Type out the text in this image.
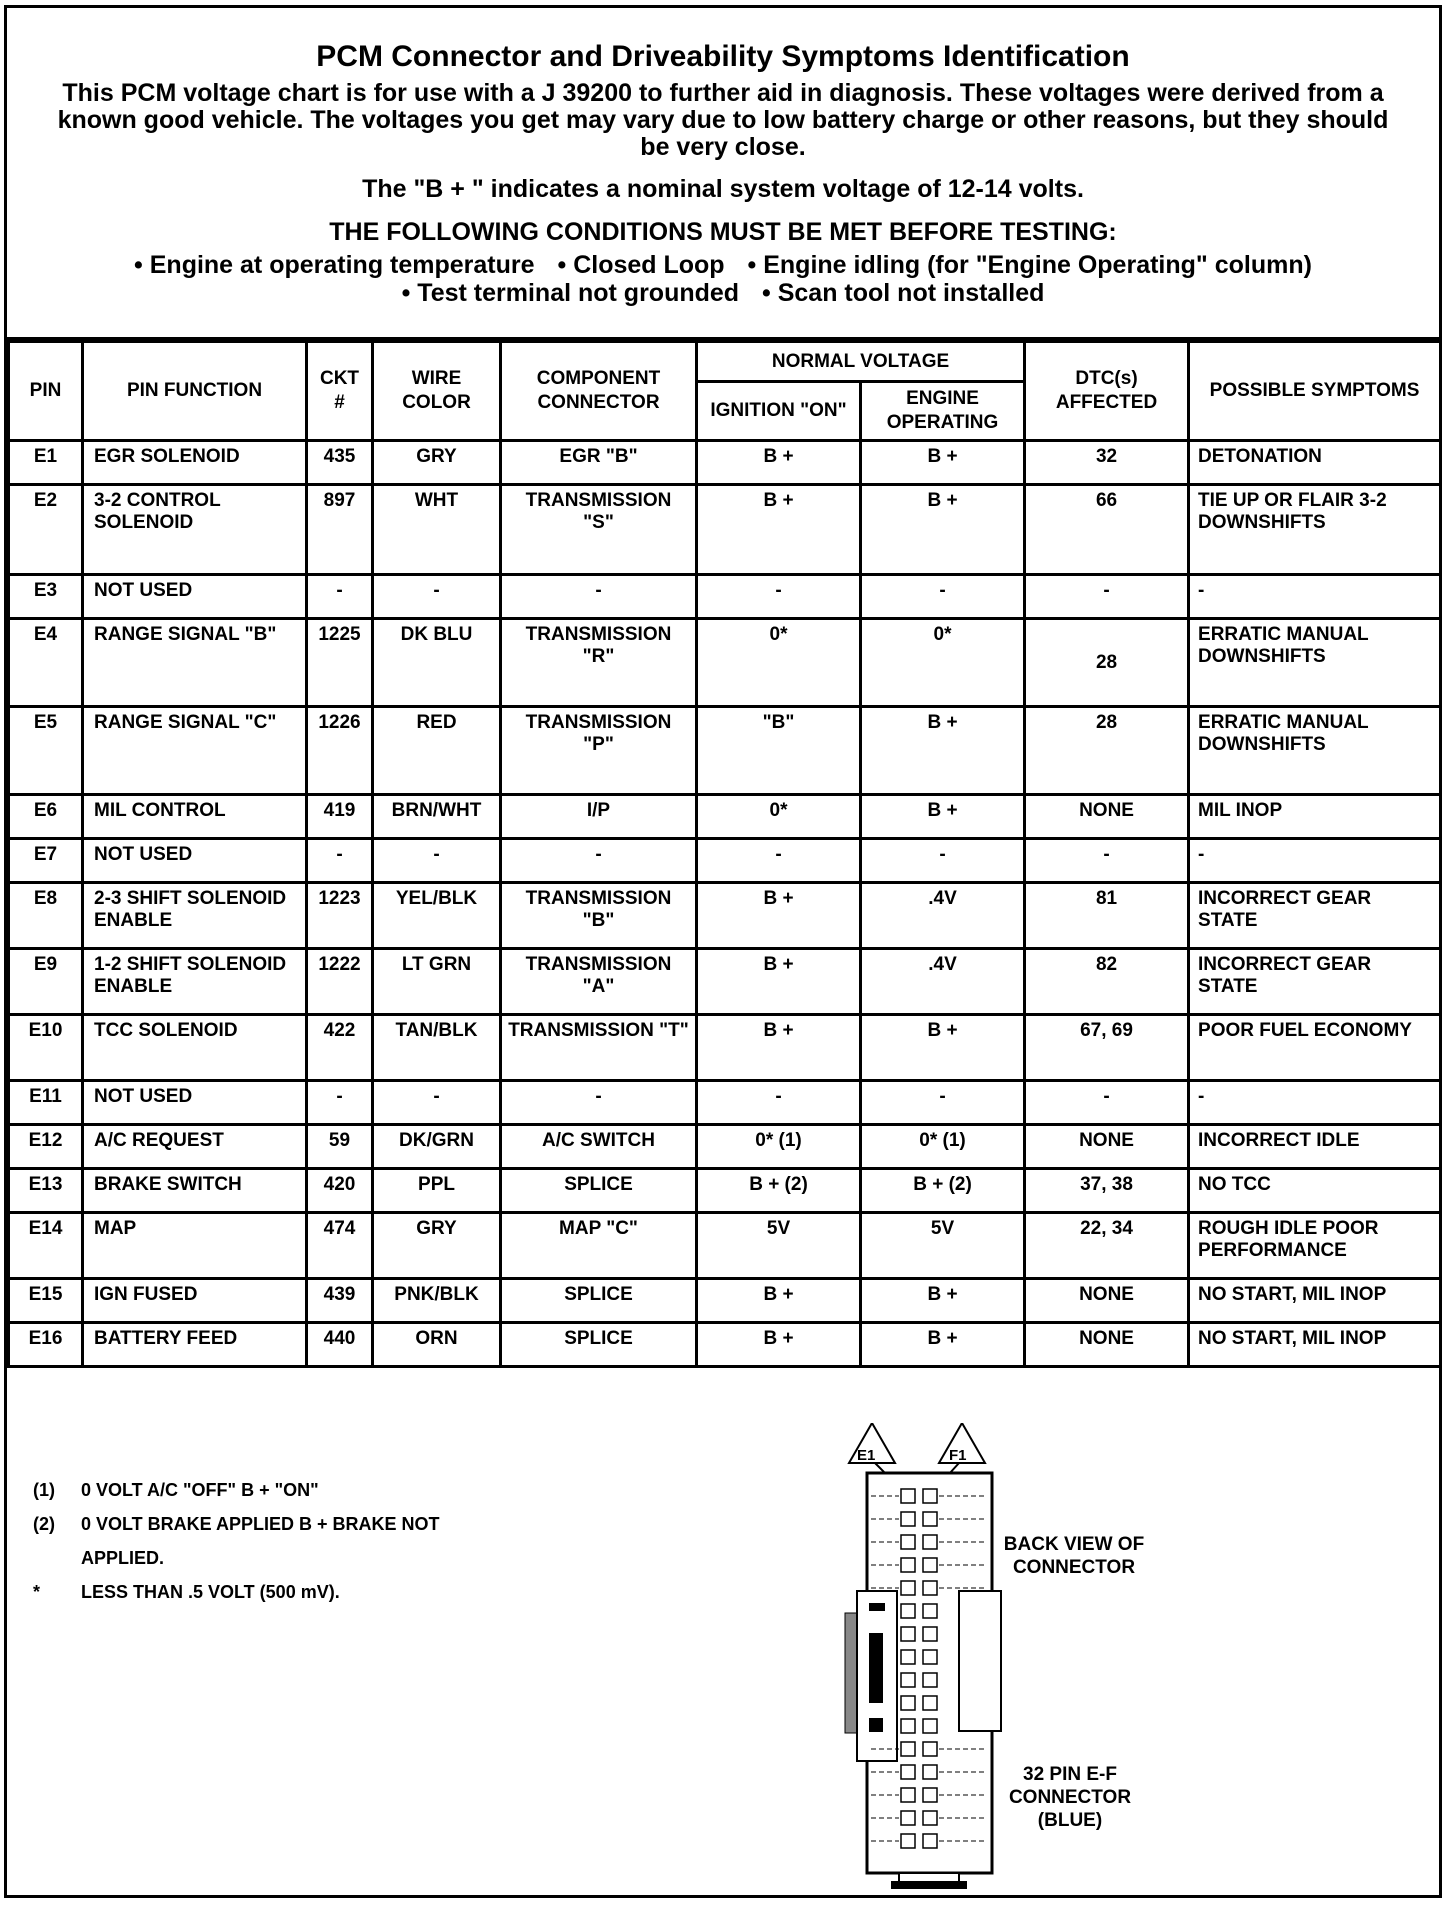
PCM Connector and Driveability Symptoms Identification
This PCM voltage chart is for use with a J 39200 to further aid in diagnosis. These voltages were derived from a known good vehicle. The voltages you get may vary due to low battery charge or other reasons, but they should be very close.
The "B + " indicates a nominal system voltage of 12-14 volts.
THE FOLLOWING CONDITIONS MUST BE MET BEFORE TESTING:
• Engine at operating temperature • Closed Loop • Engine idling (for "Engine Operating" column)
• Test terminal not grounded • Scan tool not installed
PIN	PIN FUNCTION	CKT #	WIRE COLOR	COMPONENT CONNECTOR	NORMAL VOLTAGE		DTC(s) AFFECTED	POSSIBLE SYMPTOMS
					IGNITION "ON"	ENGINE OPERATING		
E1	EGR SOLENOID	435	GRY	EGR "B"	B +	B +	32	DETONATION
E2	3-2 CONTROL SOLENOID	897	WHT	TRANSMISSION "S"	B +	B +	66	TIE UP OR FLAIR 3-2 DOWNSHIFTS
E3	NOT USED	-	-	-	-	-	-	-
E4	RANGE SIGNAL "B"	1225	DK BLU	TRANSMISSION "R"	0*	0*	28	ERRATIC MANUAL DOWNSHIFTS
E5	RANGE SIGNAL "C"	1226	RED	TRANSMISSION "P"	"B"	B +	28	ERRATIC MANUAL DOWNSHIFTS
E6	MIL CONTROL	419	BRN/WHT	I/P	0*	B +	NONE	MIL INOP
E7	NOT USED	-	-	-	-	-	-	-
E8	2-3 SHIFT SOLENOID ENABLE	1223	YEL/BLK	TRANSMISSION "B"	B +	.4V	81	INCORRECT GEAR STATE
E9	1-2 SHIFT SOLENOID ENABLE	1222	LT GRN	TRANSMISSION "A"	B +	.4V	82	INCORRECT GEAR STATE
E10	TCC SOLENOID	422	TAN/BLK	TRANSMISSION "T"	B +	B +	67, 69	POOR FUEL ECONOMY
E11	NOT USED	-	-	-	-	-	-	-
E12	A/C REQUEST	59	DK/GRN	A/C SWITCH	0* (1)	0* (1)	NONE	INCORRECT IDLE
E13	BRAKE SWITCH	420	PPL	SPLICE	B + (2)	B + (2)	37, 38	NO TCC
E14	MAP	474	GRY	MAP "C"	5V	5V	22, 34	ROUGH IDLE POOR PERFORMANCE
E15	IGN FUSED	439	PNK/BLK	SPLICE	B +	B +	NONE	NO START, MIL INOP
E16	BATTERY FEED	440	ORN	SPLICE	B +	B +	NONE	NO START, MIL INOP
(1) 0 VOLT A/C "OFF" B + "ON"
(2) 0 VOLT BRAKE APPLIED B + BRAKE NOT
APPLIED.
* LESS THAN .5 VOLT (500 mV).
E1	F1
BACK VIEW OF CONNECTOR
32 PIN E-F CONNECTOR (BLUE)
